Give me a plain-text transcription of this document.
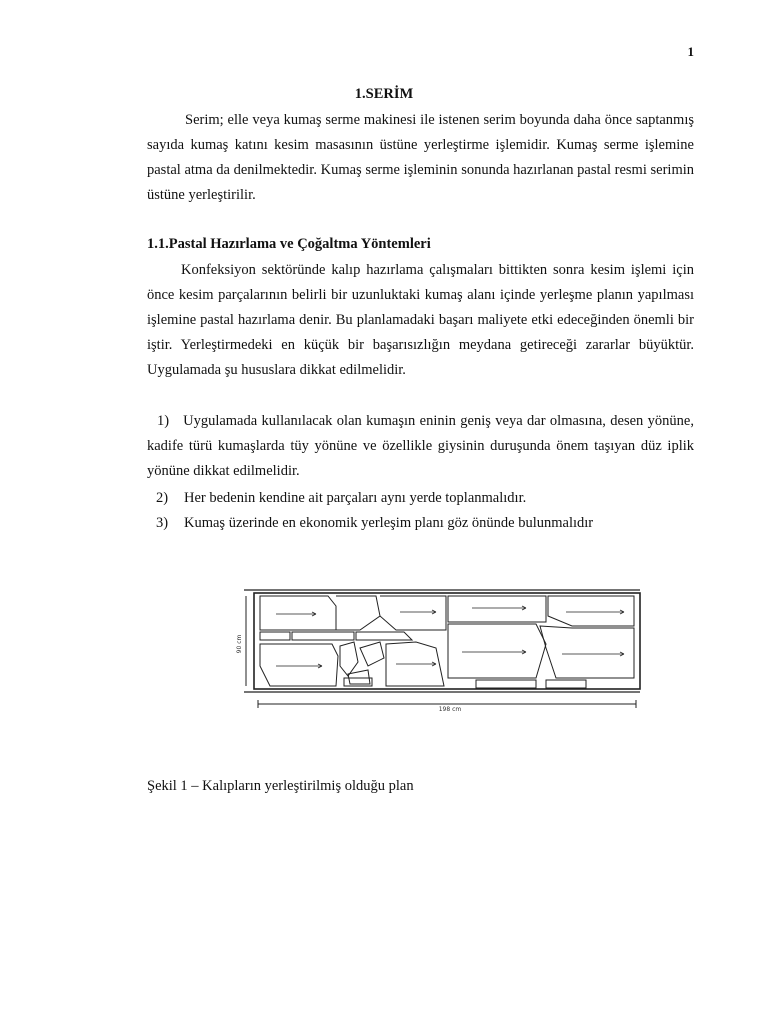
1
1.SERİM

Serim; elle veya kumaş serme makinesi ile istenen serim boyunda daha önce saptanmış sayıda kumaş katını kesim masasının üstüne yerleştirme işlemidir. Kumaş serme işlemine pastal atma da denilmektedir. Kumaş serme işleminin sonunda hazırlanan pastal resmi serimin üstüne yerleştirilir.

1.1.Pastal Hazırlama ve Çoğaltma Yöntemleri

Konfeksiyon sektöründe kalıp hazırlama çalışmaları bittikten sonra kesim işlemi için önce kesim parçalarının belirli bir uzunluktaki kumaş alanı içinde yerleşme planın yapılması işlemine pastal hazırlama denir. Bu planlamadaki başarı maliyete etki edeceğinden önemli bir iştir. Yerleştirmedeki en küçük bir başarısızlığın meydana getireceği zararlar büyüktür. Uygulamada şu hususlara dikkat edilmelidir.

1) Uygulamada kullanılacak olan kumaşın eninin geniş veya dar olmasına, desen yönüne, kadife türü kumaşlarda tüy yönüne ve özellikle giysinin duruşunda önem taşıyan düz iplik yönüne dikkat edilmelidir.

2) Her bedenin kendine ait parçaları aynı yerde toplanmalıdır.

3) Kumaş üzerinde en ekonomik yerleşim planı göz önünde bulunmalıdır

198 cm
90 cm
Şekil 1 – Kalıpların yerleştirilmiş olduğu plan
